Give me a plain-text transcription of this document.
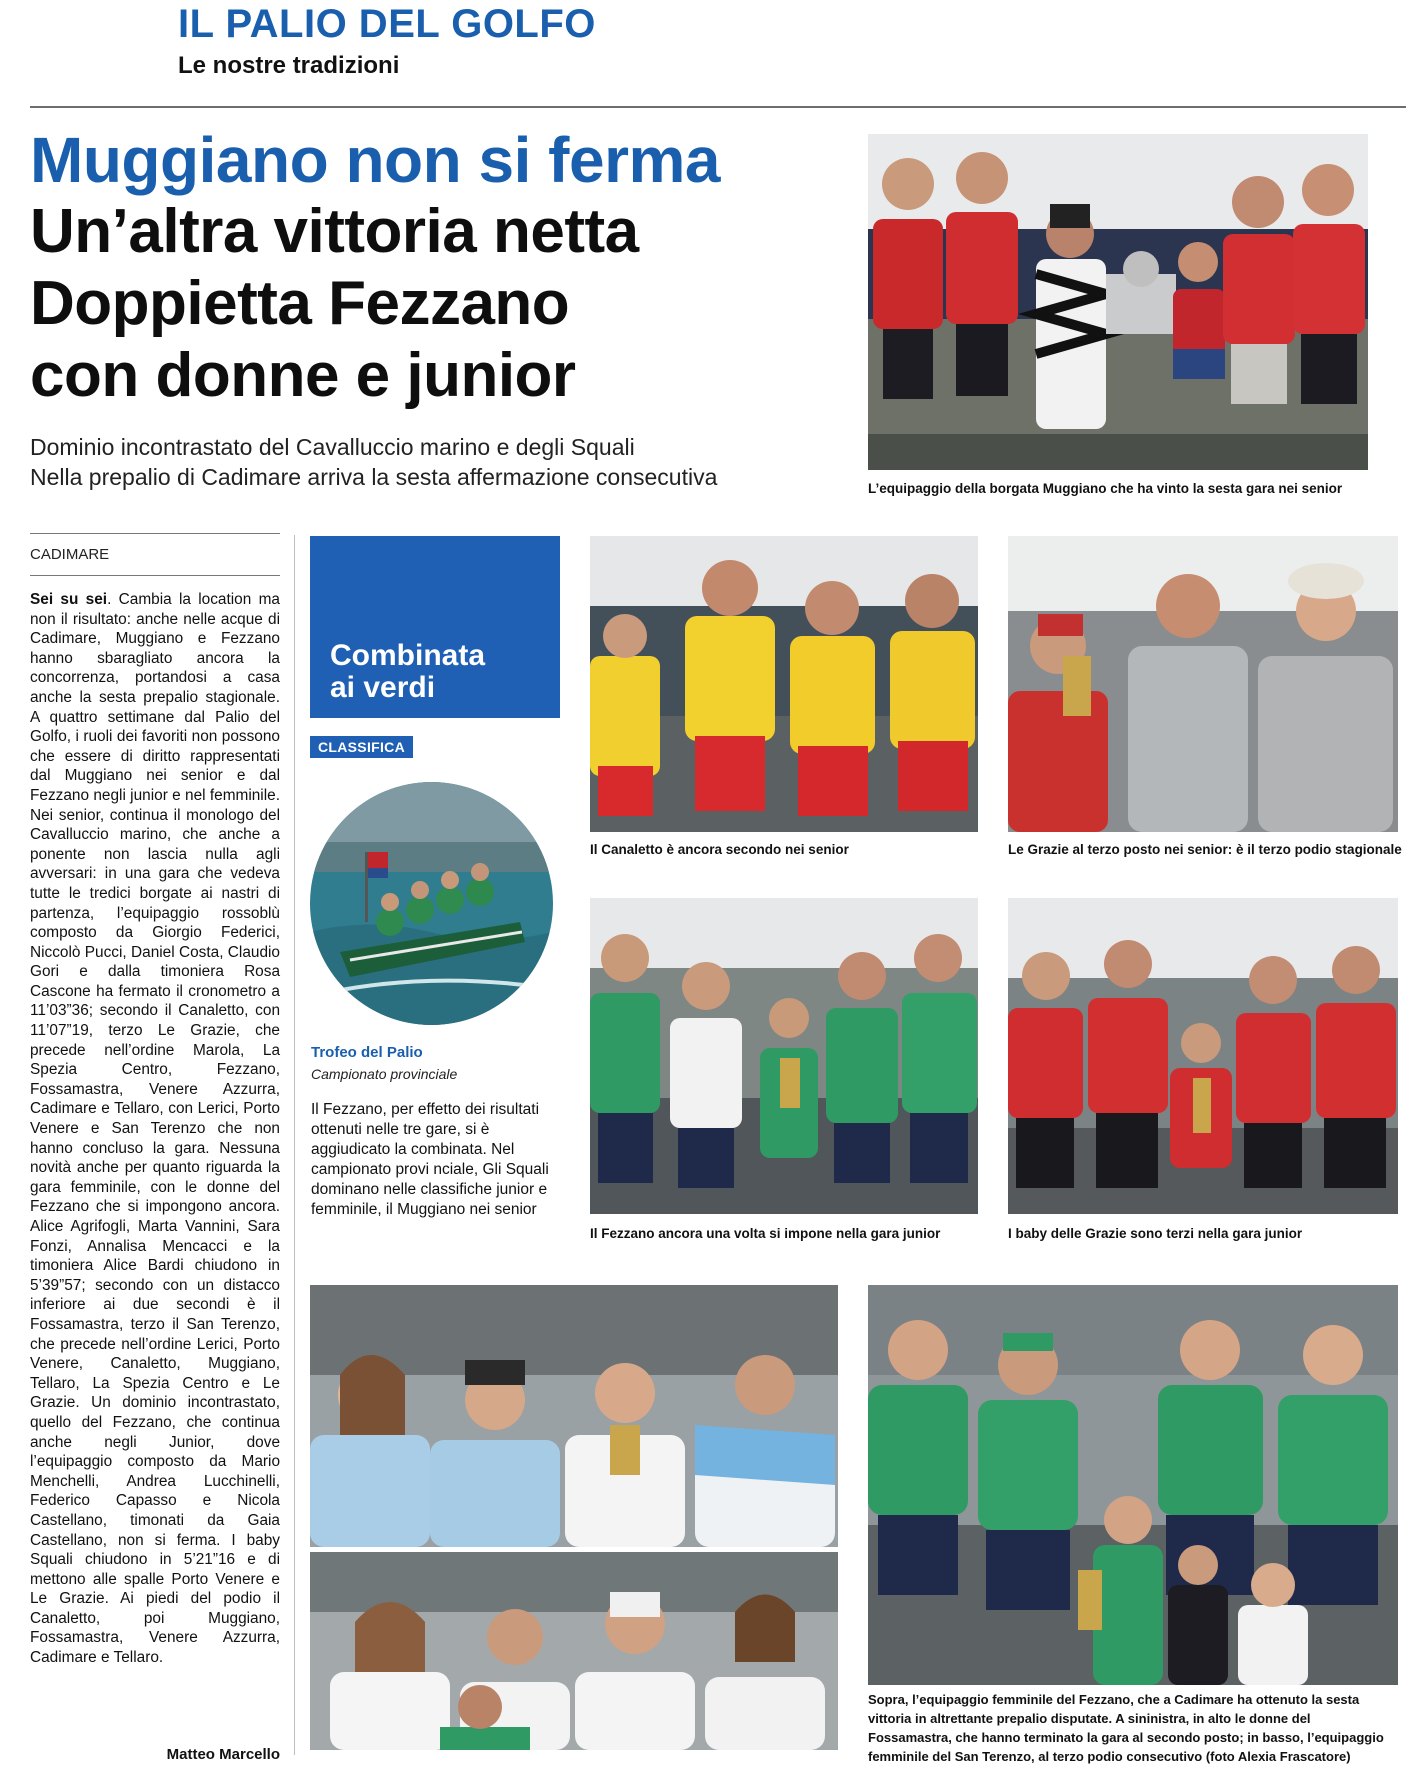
IL PALIO DEL GOLFO
Le nostre tradizioni
Muggiano non si ferma
Un’altra vittoria netta
Doppietta Fezzano
con donne e junior
Dominio incontrastato del Cavalluccio marino e degli Squali
Nella prepalio di Cadimare arriva la sesta affermazione consecutiva	L’equipaggio della borgata Muggiano che ha vinto la sesta gara nei senior
CADIMARE
Sei su sei. Cambia la location ma non il risultato: anche nelle acque di Cadimare, Muggiano e Fezzano hanno sbaragliato ancora la concorrenza, portandosi a casa anche la sesta prepalio stagionale. A quattro settimane dal Palio del Golfo, i ruoli dei favoriti non possono che essere di diritto rappresentati dal Muggiano nei senior e dal Fezzano negli junior e nel femminile. Nei senior, continua il monologo del Cavalluccio marino, che anche a ponente non lascia nulla agli avversari: in una gara che vedeva tutte le tredici borgate ai nastri di partenza, l’equipaggio rossoblù composto da Giorgio Federici, Niccolò Pucci, Daniel Costa, Claudio Gori e dalla timoniera Rosa Cascone ha fermato il cronometro a 11’03”36; secondo il Canaletto, con 11’07”19, terzo Le Grazie, che precede nell’ordine Marola, La Spezia Centro, Fezzano, Fossamastra, Venere Azzurra, Cadimare e Tellaro, con Lerici, Porto Venere e San Terenzo che non hanno concluso la gara. Nessuna novità anche per quanto riguarda la gara femminile, con le donne del Fezzano che si impongono ancora. Alice Agrifogli, Marta Vannini, Sara Fonzi, Annalisa Mencacci e la timoniera Alice Bardi chiudono in 5’39”57; secondo con un distacco inferiore ai due secondi è il Fossamastra, terzo il San Terenzo, che precede nell’ordine Lerici, Porto Venere, Canaletto, Muggiano, Tellaro, La Spezia Centro e Le Grazie. Un dominio incontrastato, quello del Fezzano, che continua anche negli Junior, dove l’equipaggio composto da Mario Menchelli, Andrea Lucchinelli, Federico Capasso e Nicola Castellano, timonati da Gaia Castellano, non si ferma. I baby Squali chiudono in 5’21”16 e di mettono alle spalle Porto Venere e Le Grazie. Ai piedi del podio il Canaletto, poi Muggiano, Fossamastra, Venere Azzurra, Cadimare e Tellaro.
Matteo Marcello
Combinata
ai verdi
CLASSIFICA
Trofeo del Palio
Campionato provinciale
Il Fezzano, per effetto dei risultati ottenuti nelle tre gare, si è aggiudicato la combinata. Nel campionato provi nciale, Gli Squali dominano nelle classifiche junior e femminile, il Muggiano nei senior
Il Canaletto è ancora secondo nei senior	Le Grazie al terzo posto nei senior: è il terzo podio stagionale
Il Fezzano ancora una volta si impone nella gara junior	I baby delle Grazie sono terzi nella gara junior
Sopra, l’equipaggio femminile del Fezzano, che a Cadimare ha ottenuto la sesta
vittoria in altrettante prepalio disputate. A sininistra, in alto le donne del
Fossamastra, che hanno terminato la gara al secondo posto; in basso, l’equipaggio
femminile del San Terenzo, al terzo podio consecutivo (foto Alexia Frascatore)
